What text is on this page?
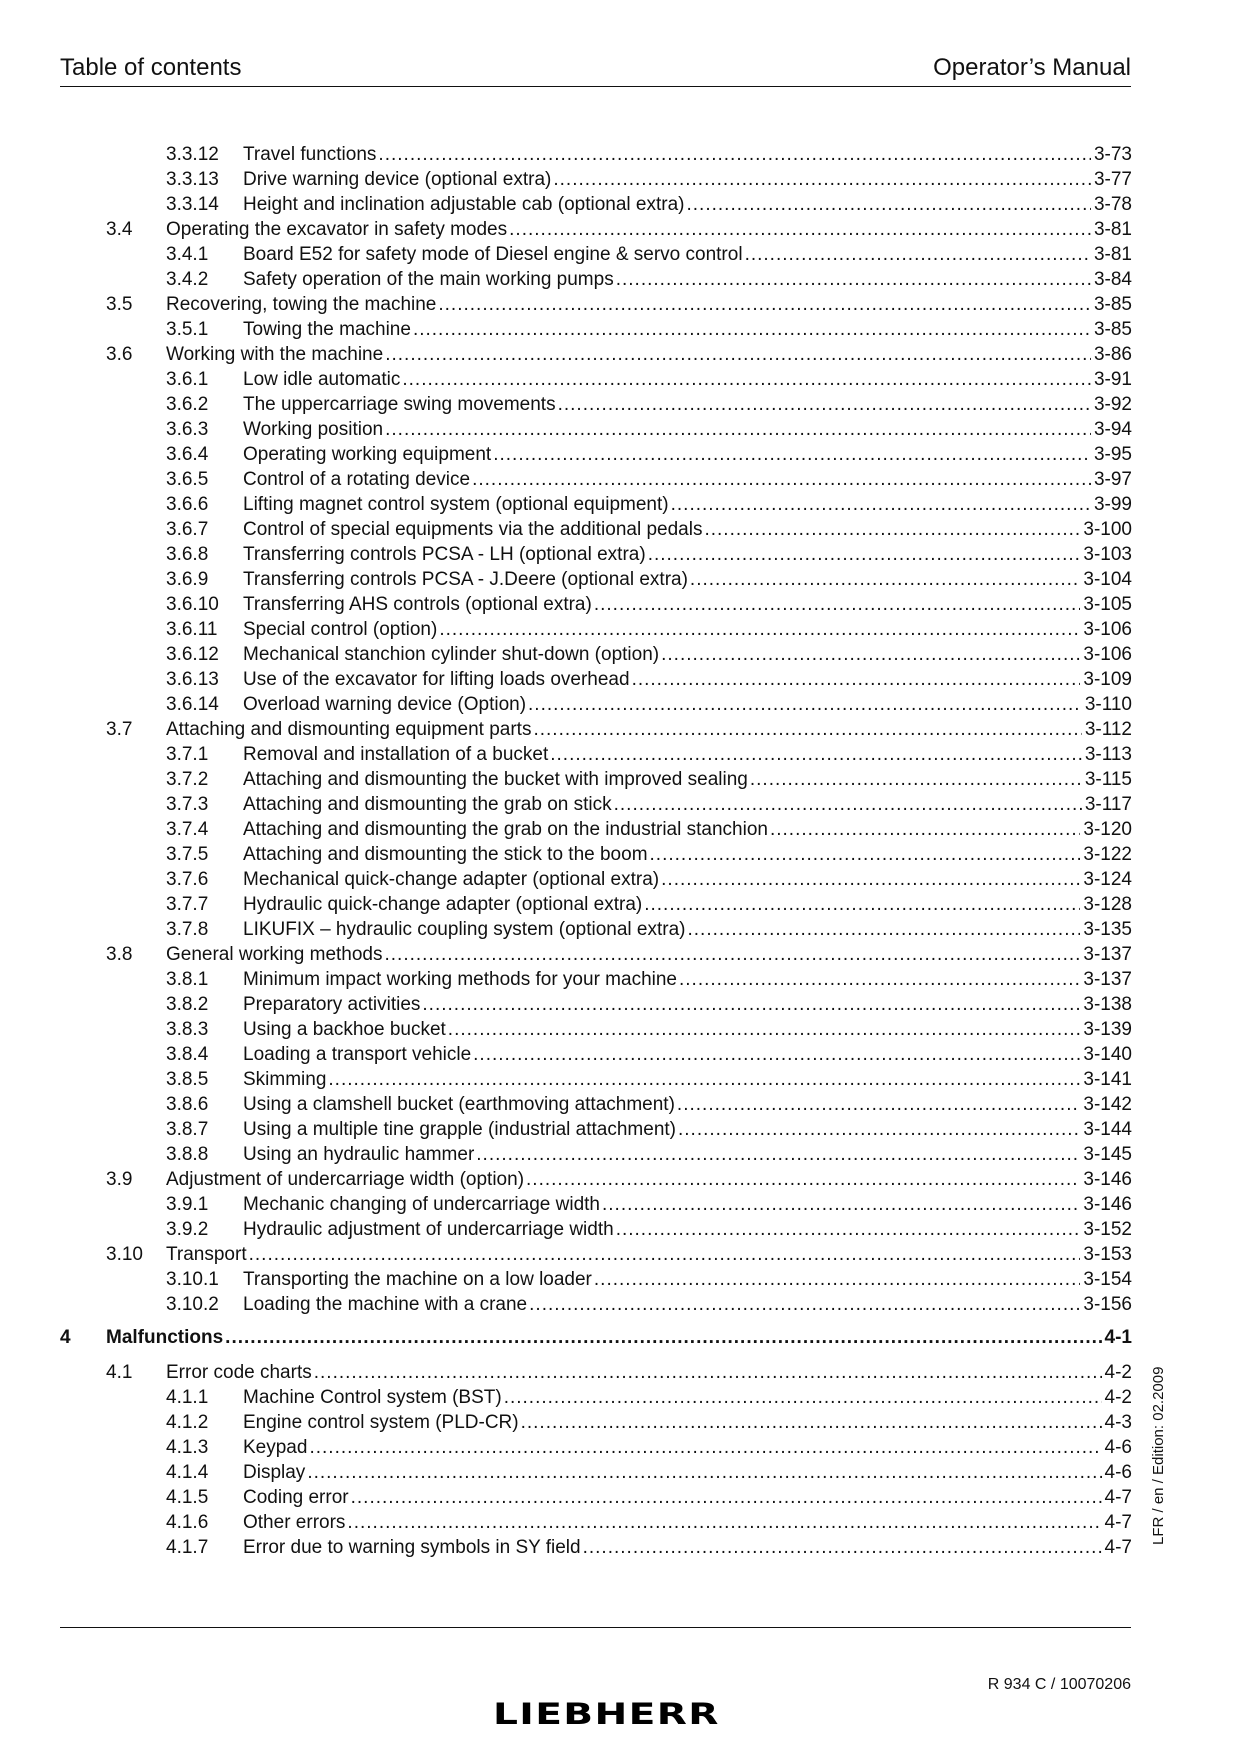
Table of contents	Operator’s Manual
3.3.12 Travel functions .....	3-73
3.3.13 Drive warning device (optional extra) .....	3-77
3.3.14 Height and inclination adjustable cab (optional extra) .....	3-78
3.4 Operating the excavator in safety modes .....	3-81
3.4.1 Board E52 for safety mode of Diesel engine & servo control .....	3-81
3.4.2 Safety operation of the main working pumps .....	3-84
3.5 Recovering, towing the machine .....	3-85
3.5.1 Towing the machine .....	3-85
3.6 Working with the machine .....	3-86
3.6.1 Low idle automatic .....	3-91
3.6.2 The uppercarriage swing movements .....	3-92
3.6.3 Working position .....	3-94
3.6.4 Operating working equipment .....	3-95
3.6.5 Control of a rotating device .....	3-97
3.6.6 Lifting magnet control system (optional equipment) .....	3-99
3.6.7 Control of special equipments via the additional pedals .....	3-100
3.6.8 Transferring controls PCSA - LH (optional extra) .....	3-103
3.6.9 Transferring controls PCSA - J.Deere (optional extra) .....	3-104
3.6.10 Transferring AHS controls (optional extra) .....	3-105
3.6.11 Special control (option) .....	3-106
3.6.12 Mechanical stanchion cylinder shut-down (option) .....	3-106
3.6.13 Use of the excavator for lifting loads overhead .....	3-109
3.6.14 Overload warning device (Option) .....	3-110
3.7 Attaching and dismounting equipment parts .....	3-112
3.7.1 Removal and installation of a bucket .....	3-113
3.7.2 Attaching and dismounting the bucket with improved sealing .....	3-115
3.7.3 Attaching and dismounting the grab on stick .....	3-117
3.7.4 Attaching and dismounting the grab on the industrial stanchion .....	3-120
3.7.5 Attaching and dismounting the stick to the boom .....	3-122
3.7.6 Mechanical quick-change adapter (optional extra) .....	3-124
3.7.7 Hydraulic quick-change adapter (optional extra) .....	3-128
3.7.8 LIKUFIX – hydraulic coupling system (optional extra) .....	3-135
3.8 General working methods .....	3-137
3.8.1 Minimum impact working methods for your machine .....	3-137
3.8.2 Preparatory activities .....	3-138
3.8.3 Using a backhoe bucket .....	3-139
3.8.4 Loading a transport vehicle .....	3-140
3.8.5 Skimming .....	3-141
3.8.6 Using a clamshell bucket (earthmoving attachment) .....	3-142
3.8.7 Using a multiple tine grapple (industrial attachment) .....	3-144
3.8.8 Using an hydraulic hammer .....	3-145
3.9 Adjustment of undercarriage width (option) .....	3-146
3.9.1 Mechanic changing of undercarriage width .....	3-146
3.9.2 Hydraulic adjustment of undercarriage width .....	3-152
3.10 Transport .....	3-153
3.10.1 Transporting the machine on a low loader .....	3-154
3.10.2 Loading the machine with a crane .....	3-156
4 Malfunctions .....	4-1
4.1 Error code charts .....	4-2
4.1.1 Machine Control system (BST) .....	4-2
4.1.2 Engine control system (PLD-CR) .....	4-3
4.1.3 Keypad .....	4-6
4.1.4 Display .....	4-6
4.1.5 Coding error .....	4-7
4.1.6 Other errors .....	4-7
4.1.7 Error due to warning symbols in SY field .....	4-7
LFR / en / Edition: 02.2009
R 934 C / 10070206
LIEBHERR
